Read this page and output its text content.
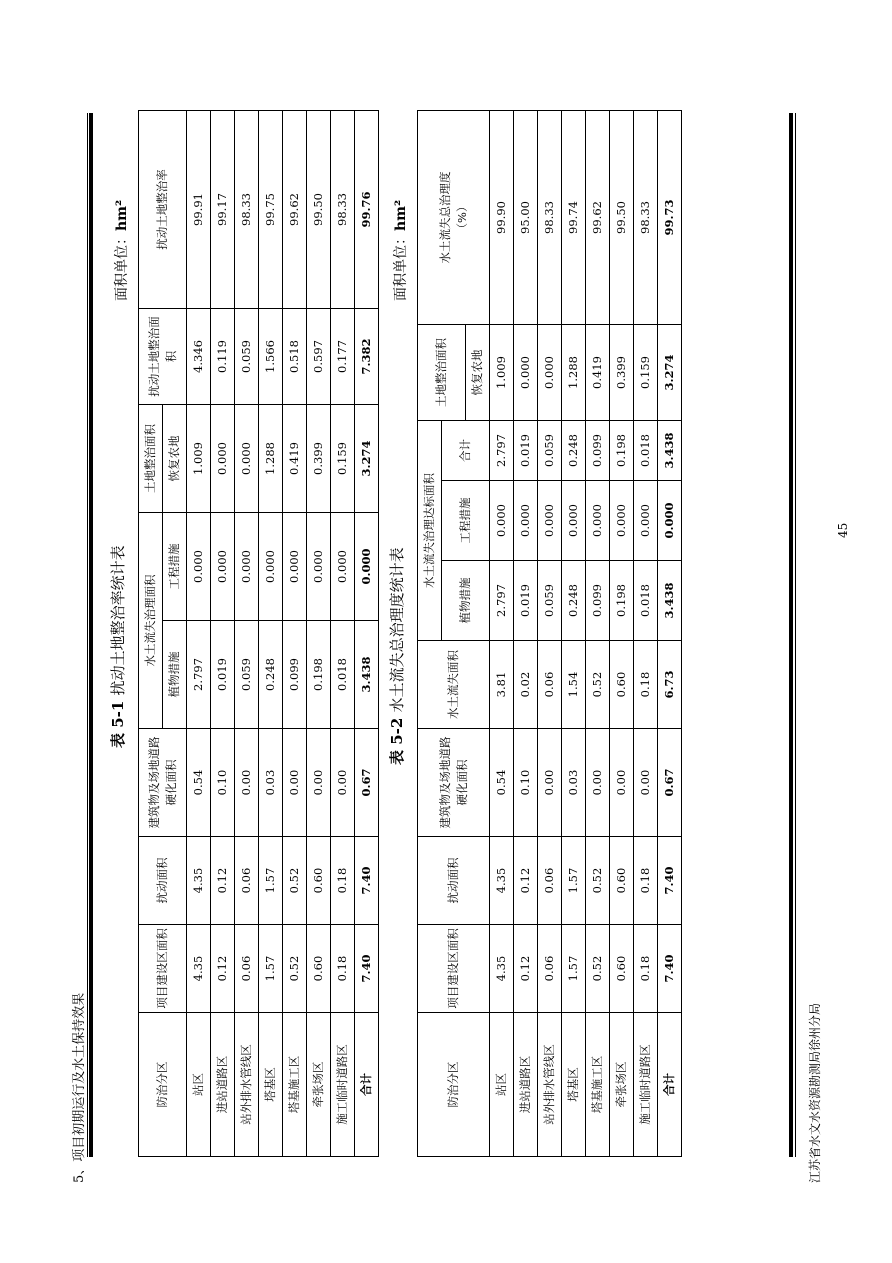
5、项目初期运行及水土保持效果
表 5-1 扰动土地整治率统计表
面积单位：hm²
防治分区	项目建设区面积	扰动面积	建筑物及场地道路硬化面积	水土流失治理面积		土地整治面积	扰动土地整治面积	扰动土地整治率
				植物措施	工程措施	恢复农地		
站区	4.35	4.35	0.54	2.797	0.000	1.009	4.346	99.91
进站道路区	0.12	0.12	0.10	0.019	0.000	0.000	0.119	99.17
站外排水管线区	0.06	0.06	0.00	0.059	0.000	0.000	0.059	98.33
塔基区	1.57	1.57	0.03	0.248	0.000	1.288	1.566	99.75
塔基施工区	0.52	0.52	0.00	0.099	0.000	0.419	0.518	99.62
牵张场区	0.60	0.60	0.00	0.198	0.000	0.399	0.597	99.50
施工临时道路区	0.18	0.18	0.00	0.018	0.000	0.159	0.177	98.33
合计	7.40	7.40	0.67	3.438	0.000	3.274	7.382	99.76
表 5-2 水土流失总治理度统计表
面积单位：hm²
防治分区	项目建设区面积	扰动面积	建筑物及场地道路硬化面积	水土流失面积	水土流失治理达标面积			土地整治面积	水土流失总治理度 （%）
					植物措施	工程措施	合计		
								恢复农地	
站区	4.35	4.35	0.54	3.81	2.797	0.000	2.797	1.009	99.90
进站道路区	0.12	0.12	0.10	0.02	0.019	0.000	0.019	0.000	95.00
站外排水管线区	0.06	0.06	0.00	0.06	0.059	0.000	0.059	0.000	98.33
塔基区	1.57	1.57	0.03	1.54	0.248	0.000	0.248	1.288	99.74
塔基施工区	0.52	0.52	0.00	0.52	0.099	0.000	0.099	0.419	99.62
牵张场区	0.60	0.60	0.00	0.60	0.198	0.000	0.198	0.399	99.50
施工临时道路区	0.18	0.18	0.00	0.18	0.018	0.000	0.018	0.159	98.33
合计	7.40	7.40	0.67	6.73	3.438	0.000	3.438	3.274	99.73
江苏省水文水资源勘测局徐州分局
45
